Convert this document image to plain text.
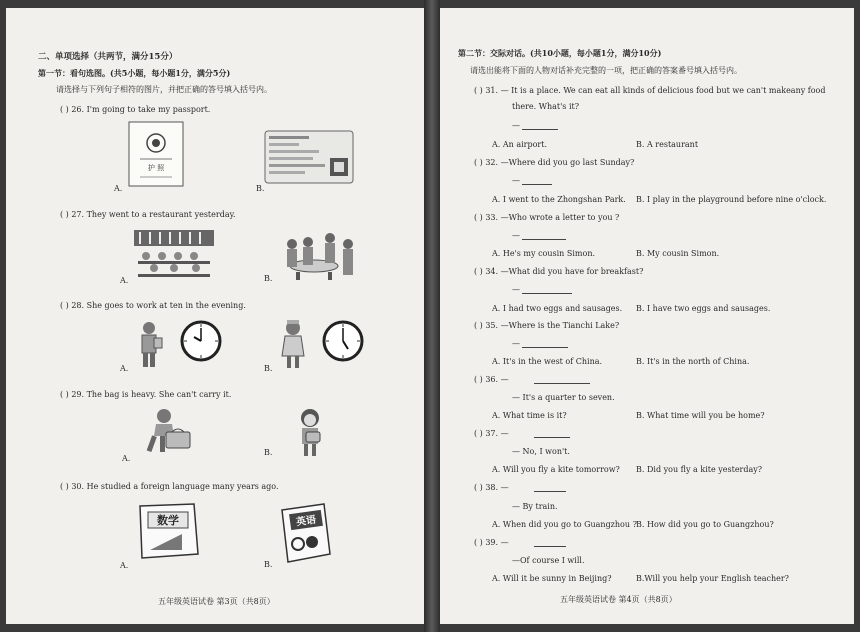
二、单项选择（共两节，满分15分）
第一节：看句选图。(共5小题，每小题1分，满分5分)
请选择与下列句子相符的图片，并把正确的答号填入括号内。
( ) 26. I'm going to take my passport.
护 照
A.	B.
( ) 27. They went to a restaurant yesterday.
A.	B.
( ) 28. She goes to work at ten in the evening.
A.	B.
( ) 29. The bag is heavy. She can't carry it.
A.
B.
( ) 30. He studied a foreign language many years ago.
数学
A.
英语
B.
五年级英语试卷 第3页（共8页）
第二节：交际对话。(共10小题，每小题1分，满分10分)
请选出能将下面的人物对话补充完整的一项，把正确的答案番号填入括号内。
( ) 31. — It is a place. We can eat all kinds of delicious food but we can't makeany food
there. What's it?
—
A. An airport.	B. A restaurant
( ) 32. —Where did you go last Sunday?
—
A. I went to the Zhongshan Park. B. I play in the playground before nine o'clock.
( ) 33. —Who wrote a letter to you ?
—
A. He's my cousin Simon.	B. My cousin Simon.
( ) 34. —What did you have for breakfast?
—
A. I had two eggs and sausages. B. I have two eggs and sausages.
( ) 35. —Where is the Tianchi Lake?
—
A. It's in the west of China.	B. It's in the north of China.
( ) 36. —
— It's a quarter to seven.
A. What time is it?	B. What time will you be home?
( ) 37. —
— No, I won't.
A. Will you fly a kite tomorrow? B. Did you fly a kite yesterday?
( ) 38. —
— By train.
A. When did you go to Guangzhou ? B. How did you go to Guangzhou?
( ) 39. —
—Of course I will.
A. Will it be sunny in Beijing?	B.Will you help your English teacher?
五年级英语试卷 第4页（共8页）
